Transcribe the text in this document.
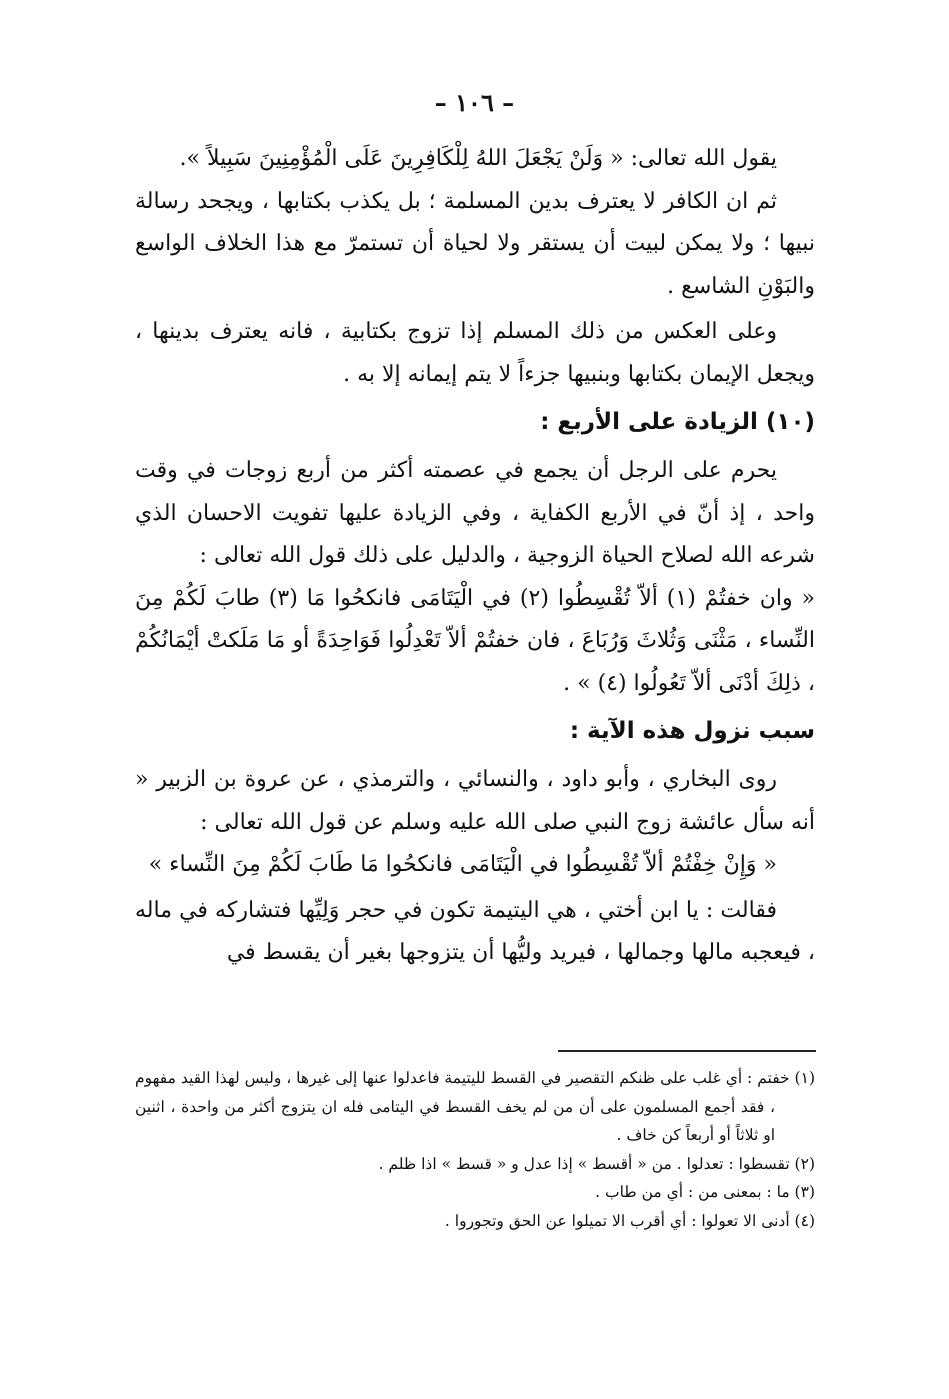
– ١٠٦ –

يقول الله تعالى: « وَلَنْ يَجْعَلَ اللهُ لِلْكَافِرِينَ عَلَى الْمُؤْمِنِينَ سَبِيلاً ».

ثم ان الكافر لا يعترف بدين المسلمة ؛ بل يكذب بكتابها ، ويجحد رسالة نبيها ؛ ولا يمكن لبيت أن يستقر ولا لحياة أن تستمرّ مع هذا الخلاف الواسع والبَوْنِ الشاسع .

وعلى العكس من ذلك المسلم إذا تزوج بكتابية ، فانه يعترف بدينها ، ويجعل الإيمان بكتابها وبنبيها جزءاً لا يتم إيمانه إلا به .

(١٠) الزيادة على الأربع :

يحرم على الرجل أن يجمع في عصمته أكثر من أربع زوجات في وقت واحد ، إذ أنّ في الأربع الكفاية ، وفي الزيادة عليها تفويت الاحسان الذي شرعه الله لصلاح الحياة الزوجية ، والدليل على ذلك قول الله تعالى :

« وان خفتُمْ (١) ألاّ تُقْسِطُوا (٢) في الْيَتَامَى فانكحُوا مَا (٣) طابَ لَكُمْ مِنَ النِّساء ، مَثْنَى وَثُلاثَ وَرُبَاعَ ، فان خفتُمْ ألاّ تَعْدِلُوا فَوَاحِدَةً أو مَا مَلَكتْ أيْمَانُكُمْ ، ذلِكَ أدْنَى ألاّ تَعُولُوا (٤) » .

سبب نزول هذه الآية :

روى البخاري ، وأبو داود ، والنسائي ، والترمذي ، عن عروة بن الزبير « أنه سأل عائشة زوج النبي صلى الله عليه وسلم عن قول الله تعالى :

« وَإِنْ خِفْتُمْ ألاّ تُقْسِطُوا في الْيَتَامَى فانكحُوا مَا طَابَ لَكُمْ مِنَ النِّساء »

فقالت : يا ابن أختي ، هي اليتيمة تكون في حجر وَلِيِّها فتشاركه في ماله ، فيعجبه مالها وجمالها ، فيريد وليُّها أن يتزوجها بغير أن يقسط في

(١) خفتم : أي غلب على ظنكم التقصير في القسط لليتيمة فاعدلوا عنها إلى غيرها ، وليس لهذا القيد مفهوم ، فقد أجمع المسلمون على أن من لم يخف القسط في اليتامى فله ان يتزوج أكثر من واحدة ، اثنين او ثلاثاً أو أربعاً كن خاف .

(٢) تقسطوا : تعدلوا . من « أقسط » إذا عدل و « قسط » اذا ظلم .

(٣) ما : بمعنى من : أي من طاب .

(٤) أدنى الا تعولوا : أي أقرب الا تميلوا عن الحق وتجوروا .
